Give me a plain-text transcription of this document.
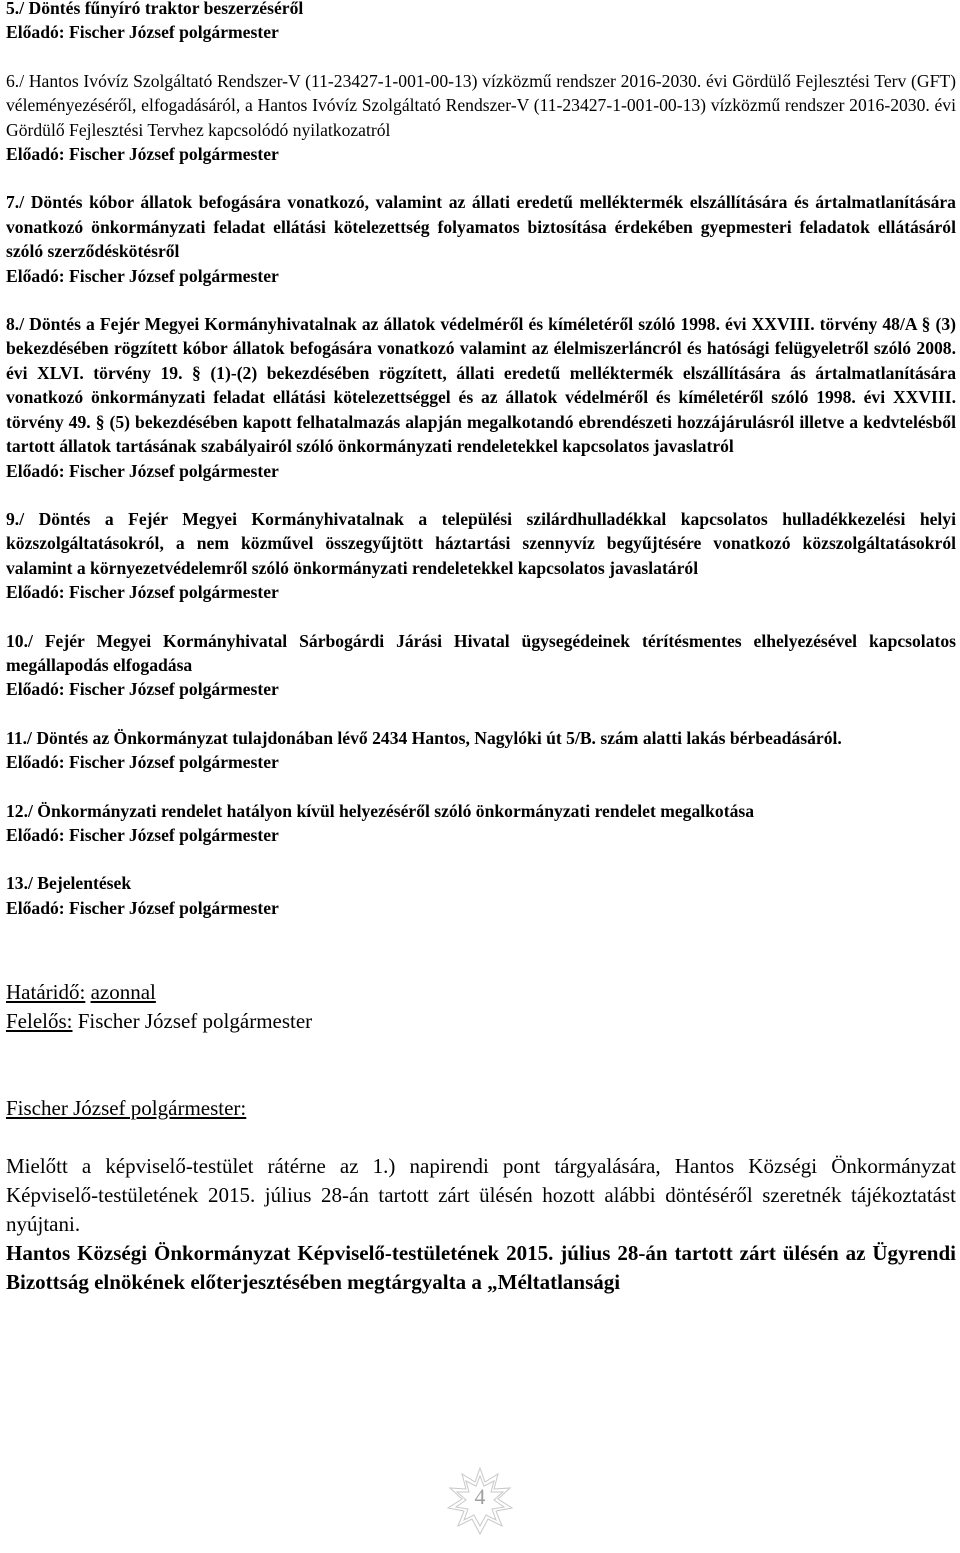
5./ Döntés fűnyíró traktor beszerzéséről
Előadó: Fischer József polgármester
6./ Hantos Ivóvíz Szolgáltató Rendszer-V (11-23427-1-001-00-13) vízközmű rendszer 2016-2030. évi Gördülő Fejlesztési Terv (GFT) véleményezéséről, elfogadásáról, a Hantos Ivóvíz Szolgáltató Rendszer-V (11-23427-1-001-00-13) vízközmű rendszer 2016-2030. évi Gördülő Fejlesztési Tervhez kapcsolódó nyilatkozatról
Előadó: Fischer József polgármester
7./ Döntés kóbor állatok befogására vonatkozó, valamint az állati eredetű melléktermék elszállítására és ártalmatlanítására vonatkozó önkormányzati feladat ellátási kötelezettség folyamatos biztosítása érdekében gyepmesteri feladatok ellátásáról szóló szerződéskötésről
Előadó: Fischer József polgármester
8./ Döntés a Fejér Megyei Kormányhivatalnak az állatok védelméről és kíméletéről szóló 1998. évi XXVIII. törvény 48/A § (3) bekezdésében rögzített kóbor állatok befogására vonatkozó valamint az élelmiszerláncról és hatósági felügyeletről szóló 2008. évi XLVI. törvény 19. § (1)-(2) bekezdésében rögzített, állati eredetű melléktermék elszállítására ás ártalmatlanítására vonatkozó önkormányzati feladat ellátási kötelezettséggel és az állatok védelméről és kíméletéről szóló 1998. évi XXVIII. törvény 49. § (5) bekezdésében kapott felhatalmazás alapján megalkotandó ebrendészeti hozzájárulásról illetve a kedvtelésből tartott állatok tartásának szabályairól szóló önkormányzati rendeletekkel kapcsolatos javaslatról
Előadó: Fischer József polgármester
9./ Döntés a Fejér Megyei Kormányhivatalnak a települési szilárdhulladékkal kapcsolatos hulladékkezelési helyi közszolgáltatásokról, a nem közművel összegyűjtött háztartási szennyvíz begyűjtésére vonatkozó közszolgáltatásokról valamint a környezetvédelemről szóló önkormányzati rendeletekkel kapcsolatos javaslatáról
Előadó: Fischer József polgármester
10./ Fejér Megyei Kormányhivatal Sárbogárdi Járási Hivatal ügysegédeinek térítésmentes elhelyezésével kapcsolatos megállapodás elfogadása
Előadó: Fischer József polgármester
11./ Döntés az Önkormányzat tulajdonában lévő 2434 Hantos, Nagylóki út 5/B. szám alatti lakás bérbeadásáról.
Előadó: Fischer József polgármester
12./ Önkormányzati rendelet hatályon kívül helyezéséről szóló önkormányzati rendelet megalkotása
Előadó: Fischer József polgármester
13./ Bejelentések
Előadó: Fischer József polgármester
Határidő: azonnal
Felelős: Fischer József polgármester
Fischer József polgármester:
Mielőtt a képviselő-testület rátérne az 1.) napirendi pont tárgyalására, Hantos Községi Önkormányzat Képviselő-testületének 2015. július 28-án tartott zárt ülésén hozott alábbi döntéséről szeretnék tájékoztatást nyújtani.
Hantos Községi Önkormányzat Képviselő-testületének 2015. július 28-án tartott zárt ülésén az Ügyrendi Bizottság elnökének előterjesztésében megtárgyalta a „Méltatlansági
4
